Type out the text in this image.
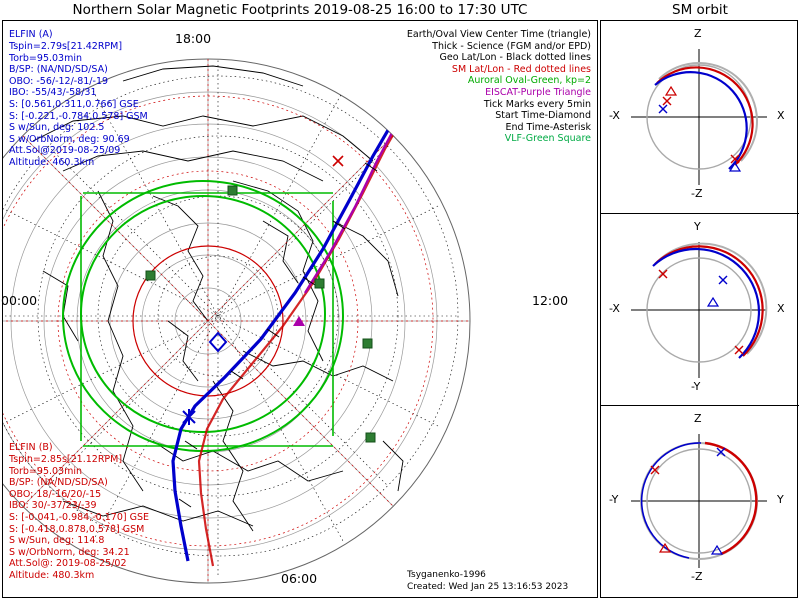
Northern Solar Magnetic Footprints 2019-08-25 16:00 to 17:30 UTC	SM orbit
18:00
00:00	12:00
06:00
ELFIN (A)
Tspin=2.79s[21.42RPM]
Torb=95.03min
B/SP: (NA/ND/SD/SA)
OBO: -56/-12/-81/-19
IBO: -55/43/-58/31
S: [0.561,0.311,0.766] GSE
S: [-0.221,-0.784,0.578] GSM
S w/Sun, deg: 102.5
S w/OrbNorm, deg: 90.69
Att.Sol@2019-08-25/09
Altitude: 460.3km
ELFIN (B)
Tspin=2.85s[21.12RPM]
Torb=95.03min
B/SP: (NA/ND/SD/SA)
OBO: 18/-16/20/-15
IBO: 30/-37/23/-39
S: [-0.041,-0.984,-0.170] GSE
S: [-0.418,0.878,0.578] GSM
S w/Sun, deg: 114.8
S w/OrbNorm, deg: 34.21
Att.Sol@: 2019-08-25/02
Altitude: 480.3km
Earth/Oval View Center Time (triangle)
Thick - Science (FGM and/or EPD)
Geo Lat/Lon - Black dotted lines
SM Lat/Lon - Red dotted lines
Auroral Oval-Green, kp=2
EISCAT-Purple Triangle
Tick Marks every 5min
Start Time-Diamond
End Time-Asterisk
VLF-Green Square
Tsyganenko-1996
Created: Wed Jan 25 13:16:53 2023
Z
-Z
-X	X
Y
-Y
-X	X
Z
-Z
-Y	Y
